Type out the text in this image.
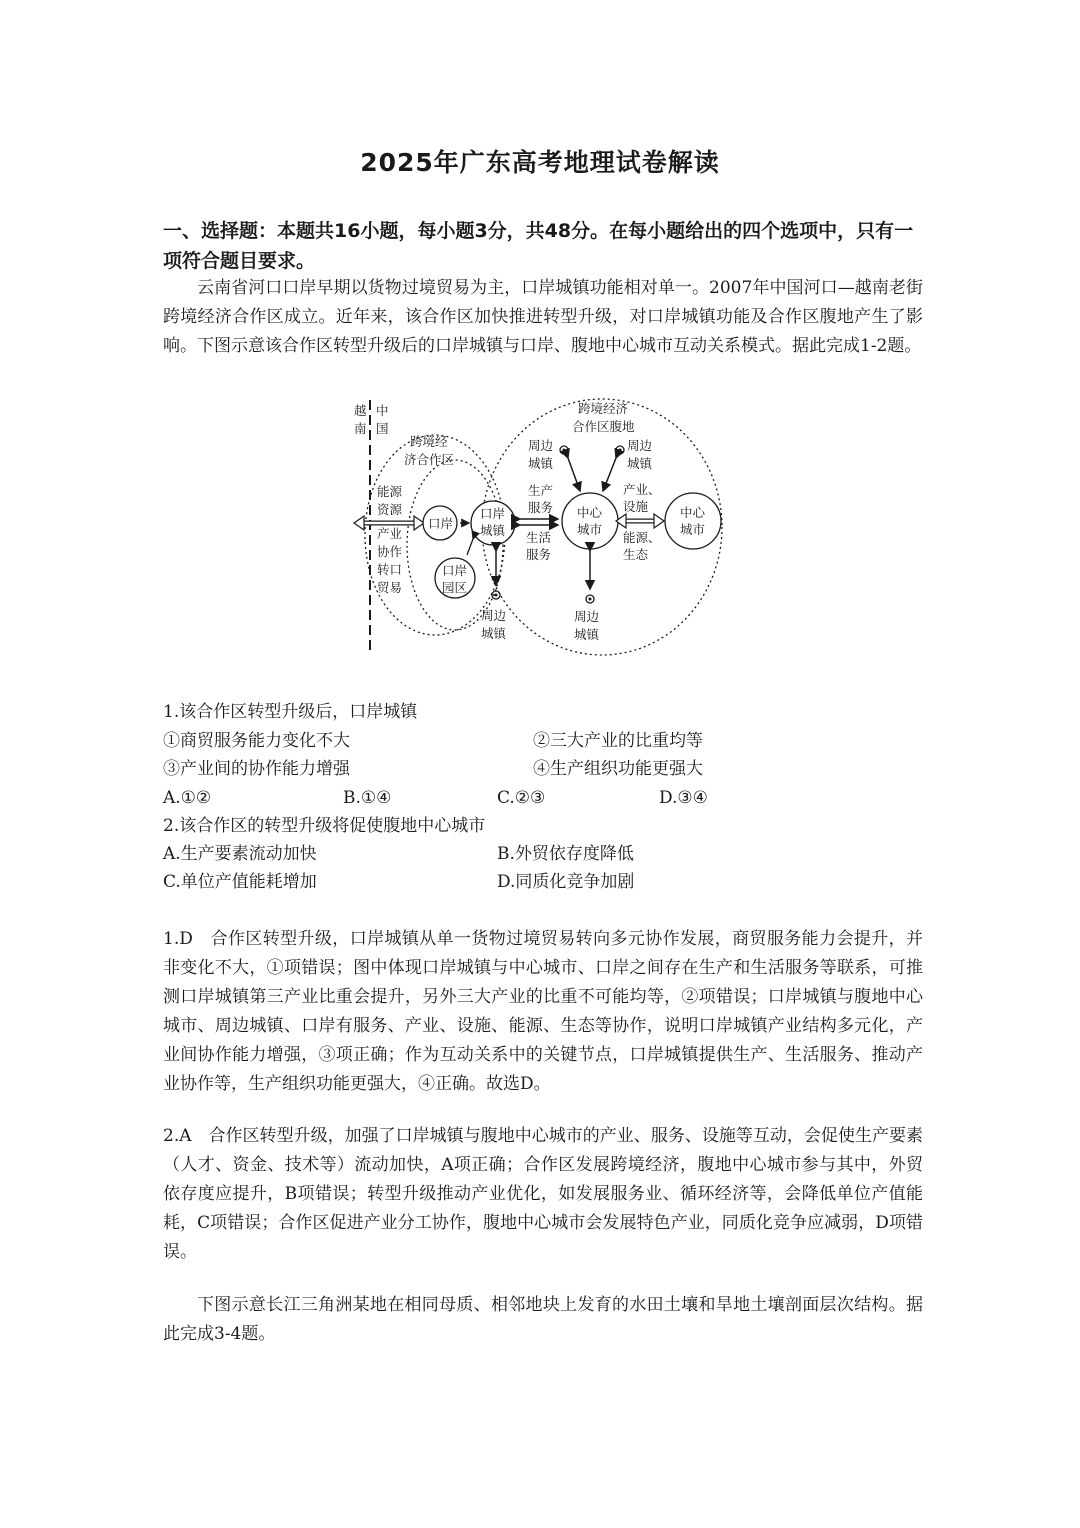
2025年广东高考地理试卷解读
一、选择题：本题共16小题，每小题3分，共48分。在每小题给出的四个选项中，只有一项符合题目要求。
云南省河口口岸早期以货物过境贸易为主，口岸城镇功能相对单一。2007年中国河口—越南老街跨境经济合作区成立。近年来，该合作区加快推进转型升级，对口岸城镇功能及合作区腹地产生了影响。下图示意该合作区转型升级后的口岸城镇与口岸、腹地中心城市互动关系模式。据此完成1-2题。
越
南
中
国
跨境经
济合作区
跨境经济
合作区腹地
能源
资源
产业
协作
转口
贸易
口岸
口岸
园区
口岸
城镇
周边
城镇
生产
服务
生活
服务
中心
城市
周边
城镇
周边
城镇
周边
城镇
产业、
设施
能源、
生态
中心
城市
1.该合作区转型升级后，口岸城镇
①商贸服务能力变化不大	②三大产业的比重均等
③产业间的协作能力增强	④生产组织功能更强大
A.①②	B.①④	C.②③	D.③④
2.该合作区的转型升级将促使腹地中心城市
A.生产要素流动加快	B.外贸依存度降低
C.单位产值能耗增加	D.同质化竞争加剧
1.D　合作区转型升级，口岸城镇从单一货物过境贸易转向多元协作发展，商贸服务能力会提升，并非变化不大，①项错误；图中体现口岸城镇与中心城市、口岸之间存在生产和生活服务等联系，可推测口岸城镇第三产业比重会提升，另外三大产业的比重不可能均等，②项错误；口岸城镇与腹地中心城市、周边城镇、口岸有服务、产业、设施、能源、生态等协作，说明口岸城镇产业结构多元化，产业间协作能力增强，③项正确；作为互动关系中的关键节点，口岸城镇提供生产、生活服务、推动产业协作等，生产组织功能更强大，④正确。故选D。
2.A　合作区转型升级，加强了口岸城镇与腹地中心城市的产业、服务、设施等互动，会促使生产要素（人才、资金、技术等）流动加快，A项正确；合作区发展跨境经济，腹地中心城市参与其中，外贸依存度应提升，B项错误；转型升级推动产业优化，如发展服务业、循环经济等，会降低单位产值能耗，C项错误；合作区促进产业分工协作，腹地中心城市会发展特色产业，同质化竞争应减弱，D项错误。
下图示意长江三角洲某地在相同母质、相邻地块上发育的水田土壤和旱地土壤剖面层次结构。据此完成3-4题。
